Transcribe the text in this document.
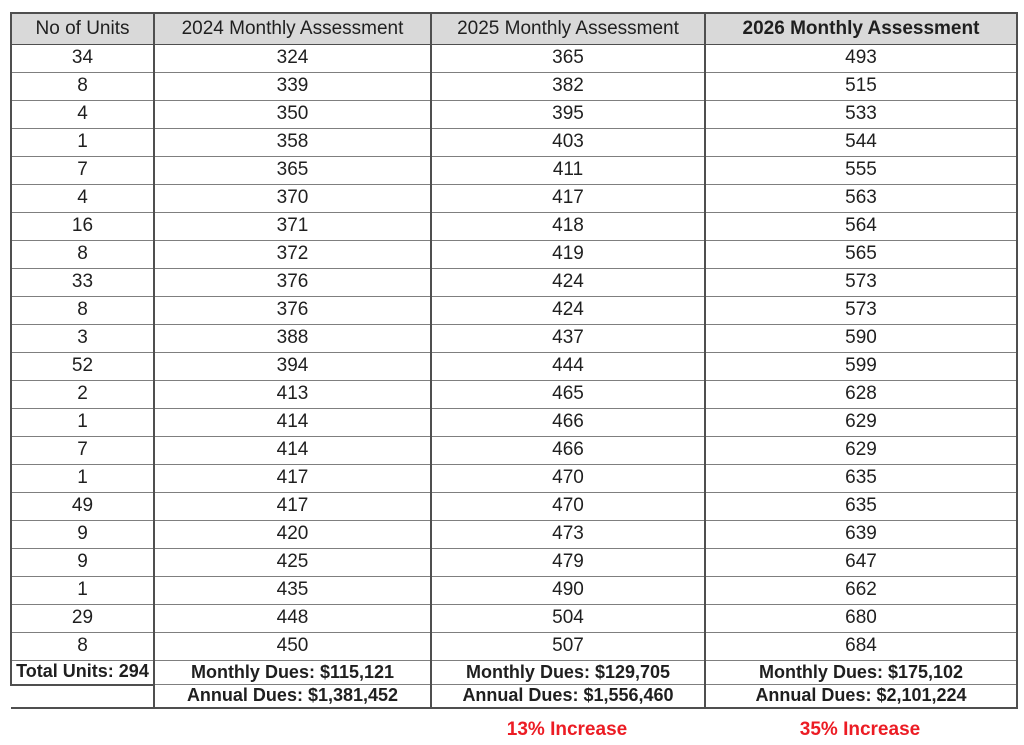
No of Units	2024 Monthly Assessment	2025 Monthly Assessment	2026 Monthly Assessment
34	324	365	493
8	339	382	515
4	350	395	533
1	358	403	544
7	365	411	555
4	370	417	563
16	371	418	564
8	372	419	565
33	376	424	573
8	376	424	573
3	388	437	590
52	394	444	599
2	413	465	628
1	414	466	629
7	414	466	629
1	417	470	635
49	417	470	635
9	420	473	639
9	425	479	647
1	435	490	662
29	448	504	680
8	450	507	684
Total Units: 294	Monthly Dues: $115,121	Monthly Dues: $129,705	Monthly Dues: $175,102
	Annual Dues: $1,381,452	Annual Dues: $1,556,460	Annual Dues: $2,101,224
13% Increase	35% Increase
